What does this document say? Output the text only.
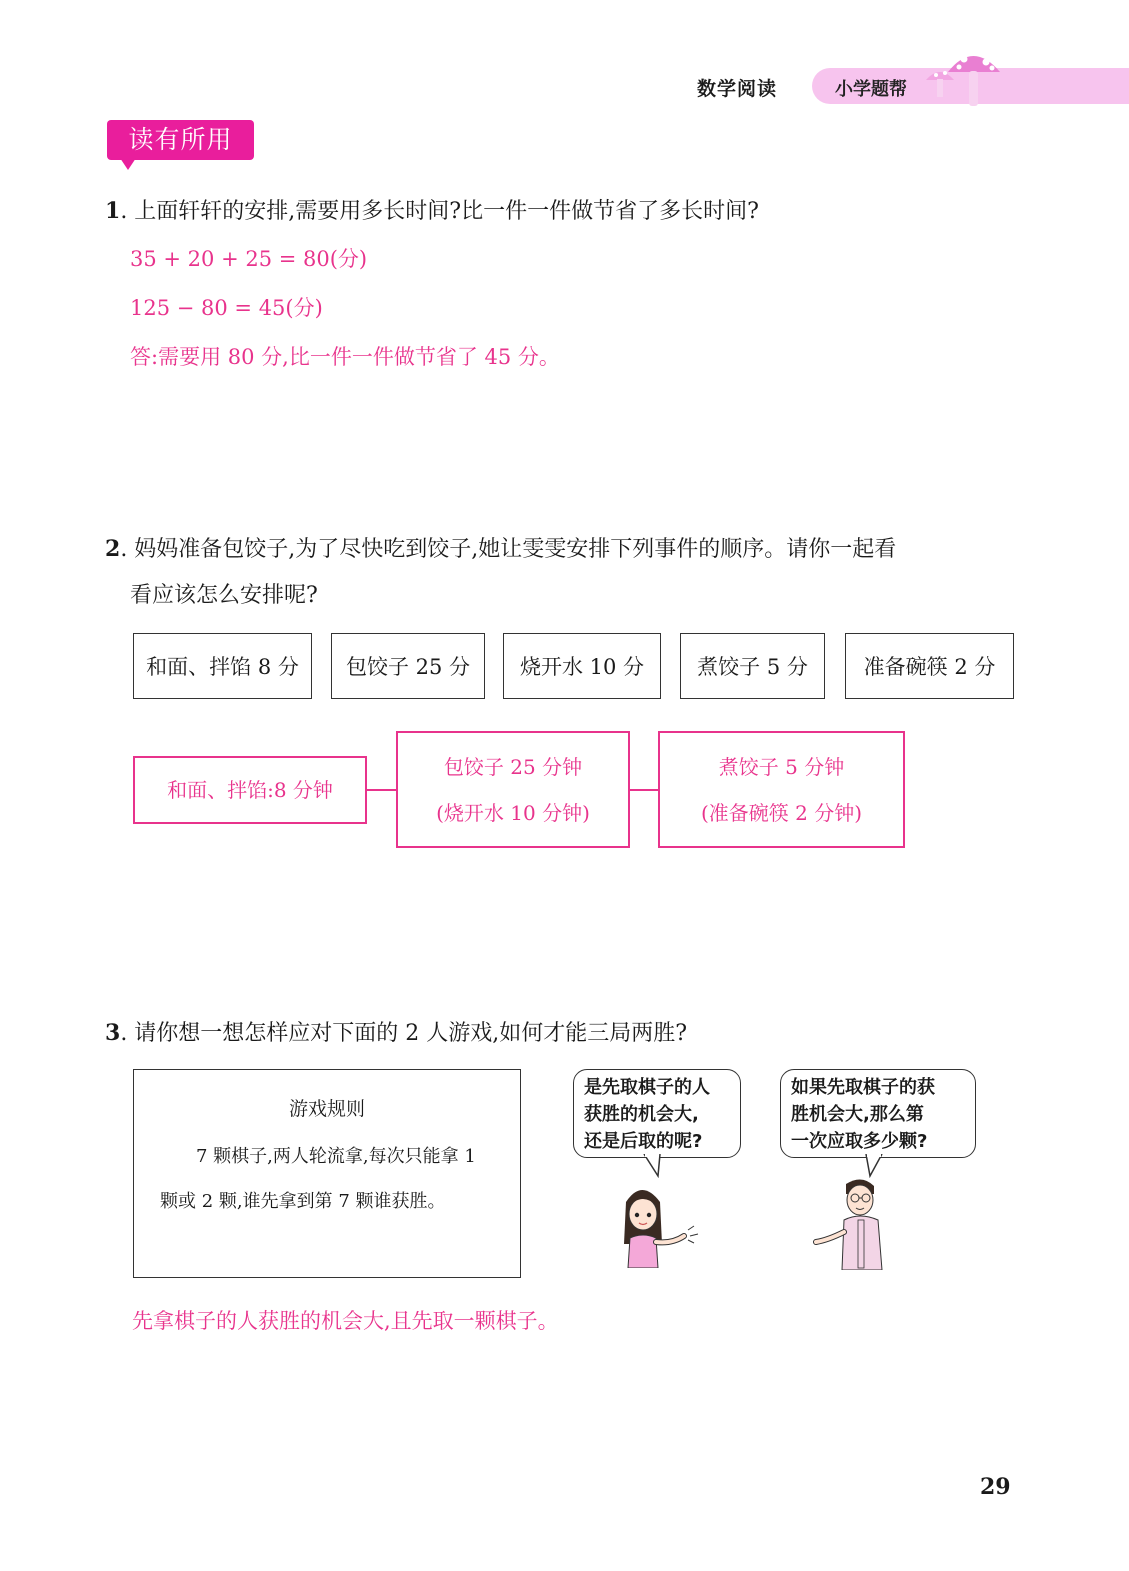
数学阅读	小学题帮
读有所用
1. 上面轩轩的安排,需要用多长时间?比一件一件做节省了多长时间?
35 + 20 + 25 = 80(分)
125 − 80 = 45(分)
答:需要用 80 分,比一件一件做节省了 45 分。
2. 妈妈准备包饺子,为了尽快吃到饺子,她让雯雯安排下列事件的顺序。请你一起看
看应该怎么安排呢?
和面、拌馅 8 分	包饺子 25 分	烧开水 10 分	煮饺子 5 分	准备碗筷 2 分
和面、拌馅:8 分钟
包饺子 25 分钟
(烧开水 10 分钟)
煮饺子 5 分钟
(准备碗筷 2 分钟)
3. 请你想一想怎样应对下面的 2 人游戏,如何才能三局两胜?
游戏规则
7 颗棋子,两人轮流拿,每次只能拿 1 颗或 2 颗,谁先拿到第 7 颗谁获胜。
是先取棋子的人
获胜的机会大,
还是后取的呢?
如果先取棋子的获
胜机会大,那么第
一次应取多少颗?
先拿棋子的人获胜的机会大,且先取一颗棋子。
29
